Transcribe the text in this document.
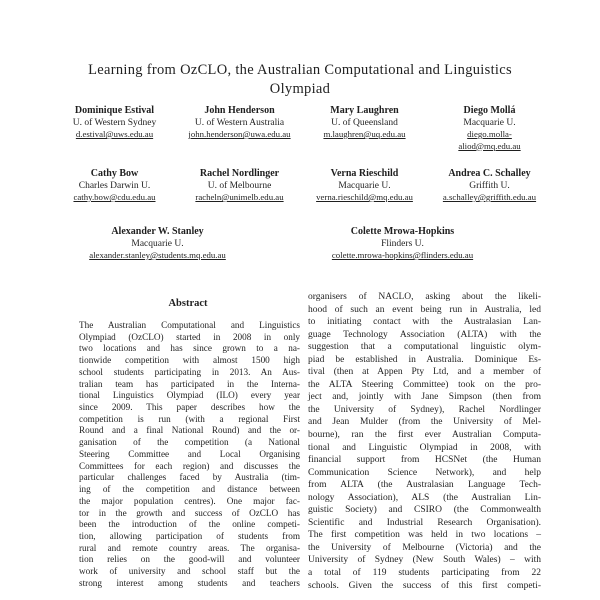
Learning from OzCLO, the Australian Computational and Linguistics
Olympiad
Dominique Estival
U. of Western Sydney
d.estival@uws.edu.au
John Henderson
U. of Western Australia
john.henderson@uwa.edu.au
Mary Laughren
U. of Queensland
m.laughren@uq.edu.au
Diego Mollá
Macquarie U.
diego.molla-aliod@mq.edu.au
Cathy Bow
Charles Darwin U.
cathy.bow@cdu.edu.au
Rachel Nordlinger
U. of Melbourne
racheln@unimelb.edu.au
Verna Rieschild
Macquarie U.
verna.rieschild@mq.edu.au
Andrea C. Schalley
Griffith U.
a.schalley@griffith.edu.au
Alexander W. Stanley
Macquarie U.
alexander.stanley@students.mq.edu.au
Colette Mrowa-Hopkins
Flinders U.
colette.mrowa-hopkins@flinders.edu.au
Abstract
The Australian Computational and Linguistics
Olympiad (OzCLO) started in 2008 in only
two locations and has since grown to a na-
tionwide competition with almost 1500 high
school students participating in 2013. An Aus-
tralian team has participated in the Interna-
tional Linguistics Olympiad (ILO) every year
since 2009. This paper describes how the
competition is run (with a regional First
Round and a final National Round) and the or-
ganisation of the competition (a National
Steering Committee and Local Organising
Committees for each region) and discusses the
particular challenges faced by Australia (tim-
ing of the competition and distance between
the major population centres). One major fac-
tor in the growth and success of OzCLO has
been the introduction of the online competi-
tion, allowing participation of students from
rural and remote country areas. The organisa-
tion relies on the good-will and volunteer
work of university and school staff but the
strong interest among students and teachers
organisers of NACLO, asking about the likeli-
hood of such an event being run in Australia, led
to initiating contact with the Australasian Lan-
guage Technology Association (ALTA) with the
suggestion that a computational linguistic olym-
piad be established in Australia. Dominique Es-
tival (then at Appen Pty Ltd, and a member of
the ALTA Steering Committee) took on the pro-
ject and, jointly with Jane Simpson (then from
the University of Sydney), Rachel Nordlinger
and Jean Mulder (from the University of Mel-
bourne), ran the first ever Australian Computa-
tional and Linguistic Olympiad in 2008, with
financial support from HCSNet (the Human
Communication Science Network), and help
from ALTA (the Australasian Language Tech-
nology Association), ALS (the Australian Lin-
guistic Society) and CSIRO (the Commonwealth
Scientific and Industrial Research Organisation).
The first competition was held in two locations –
the University of Melbourne (Victoria) and the
University of Sydney (New South Wales) – with
a total of 119 students participating from 22
schools. Given the success of this first competi-
